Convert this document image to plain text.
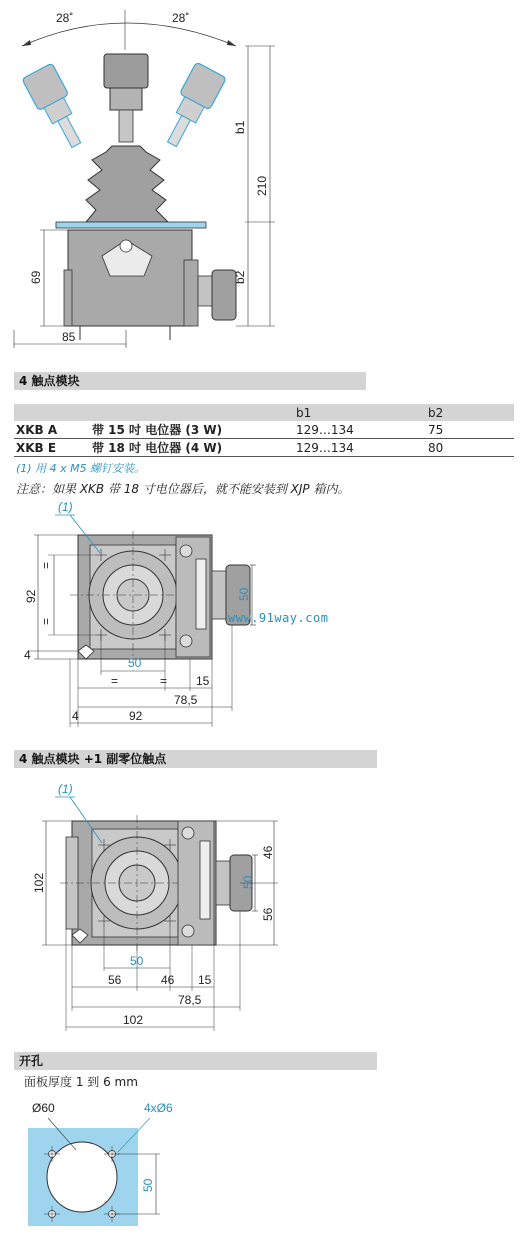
28˚	28˚
b1
210
b2
69
85
4 触点模块
		b1	b2
XKB A	带 15 吋 电位器 (3 W)	129…134	75
XKB E	带 18 吋 电位器 (4 W)	129…134	80
(1) 用 4 x M5 螺钉安装。
注意：如果 XKB 带 18 寸电位器后，就不能安装到 XJP 箱内。
(1)
92
=
=
4
50
50
=	= 15
78,5
4	92
www.91way.com
4 触点模块 +1 副零位触点
(1)
102
46
50
56
50
56	46 15
78,5
102
开孔
面板厚度 1 到 6 mm
Ø60	4xØ6
50
